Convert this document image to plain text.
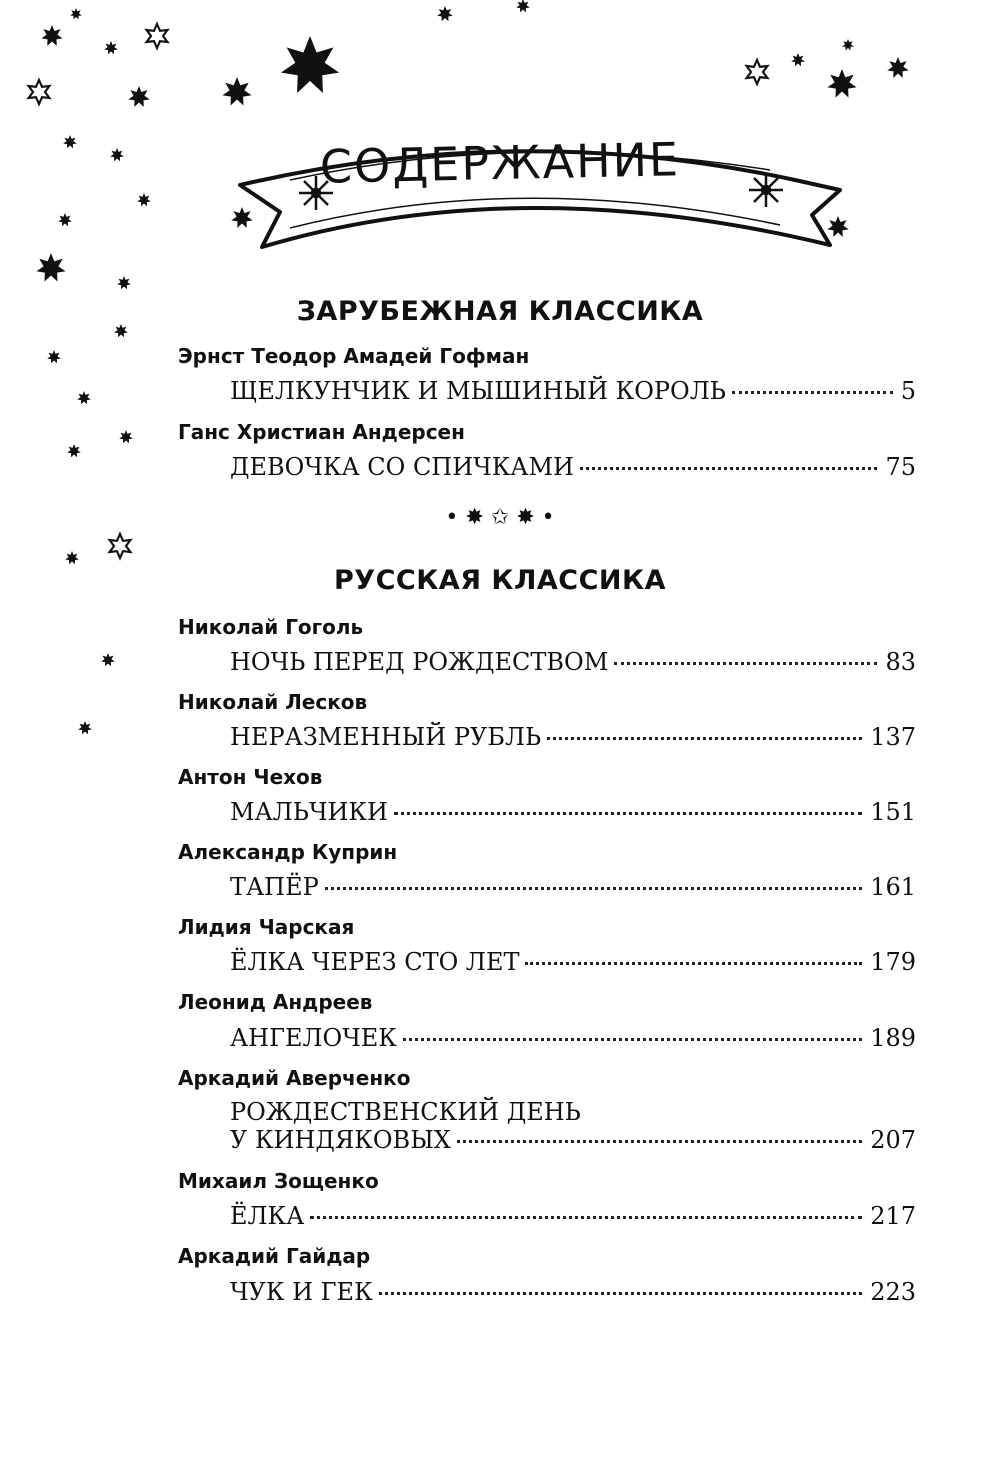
СОДЕРЖАНИЕ
ЗАРУБЕЖНАЯ КЛАССИКА
Эрнст Теодор Амадей Гофман
ЩЕЛКУНЧИК И МЫШИНЫЙ КОРОЛЬ	5
Ганс Христиан Андерсен
ДЕВОЧКА СО СПИЧКАМИ	75
• ✸ ✩ ✸ •
РУССКАЯ КЛАССИКА
Николай Гоголь
НОЧЬ ПЕРЕД РОЖДЕСТВОМ	83
Николай Лесков
НЕРАЗМЕННЫЙ РУБЛЬ	137
Антон Чехов
МАЛЬЧИКИ	151
Александр Куприн
ТАПЁР	161
Лидия Чарская
ЁЛКА ЧЕРЕЗ СТО ЛЕТ	179
Леонид Андреев
АНГЕЛОЧЕК	189
Аркадий Аверченко
РОЖДЕСТВЕНСКИЙ ДЕНЬ
У КИНДЯКОВЫХ	207
Михаил Зощенко
ЁЛКА	217
Аркадий Гайдар
ЧУК И ГЕК	223
